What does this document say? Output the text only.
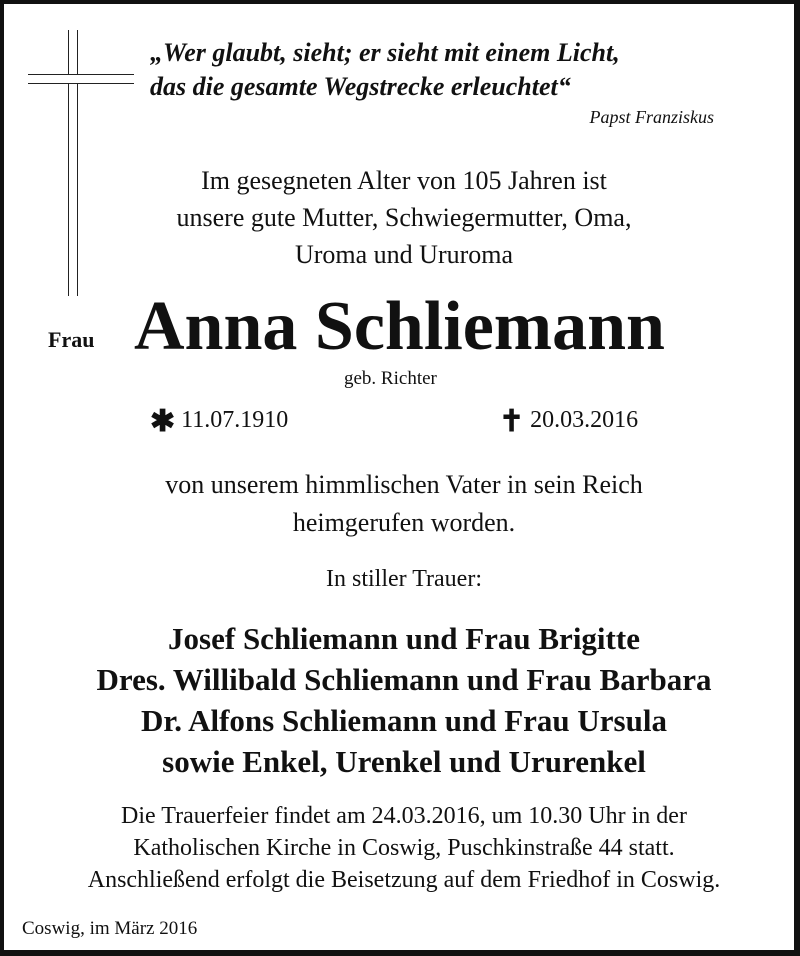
„Wer glaubt, sieht; er sieht mit einem Licht,
das die gesamte Wegstrecke erleuchtet“
Papst Franziskus
Im gesegneten Alter von 105 Jahren ist
unsere gute Mutter, Schwiegermutter, Oma,
Uroma und Ururoma
Frau Anna Schliemann
geb. Richter
✱ 11.07.1910	✝ 20.03.2016
von unserem himmlischen Vater in sein Reich
heimgerufen worden.
In stiller Trauer:
Josef Schliemann und Frau Brigitte
Dres. Willibald Schliemann und Frau Barbara
Dr. Alfons Schliemann und Frau Ursula
sowie Enkel, Urenkel und Ururenkel
Die Trauerfeier findet am 24.03.2016, um 10.30 Uhr in der
Katholischen Kirche in Coswig, Puschkinstraße 44 statt.
Anschließend erfolgt die Beisetzung auf dem Friedhof in Coswig.
Coswig, im März 2016
